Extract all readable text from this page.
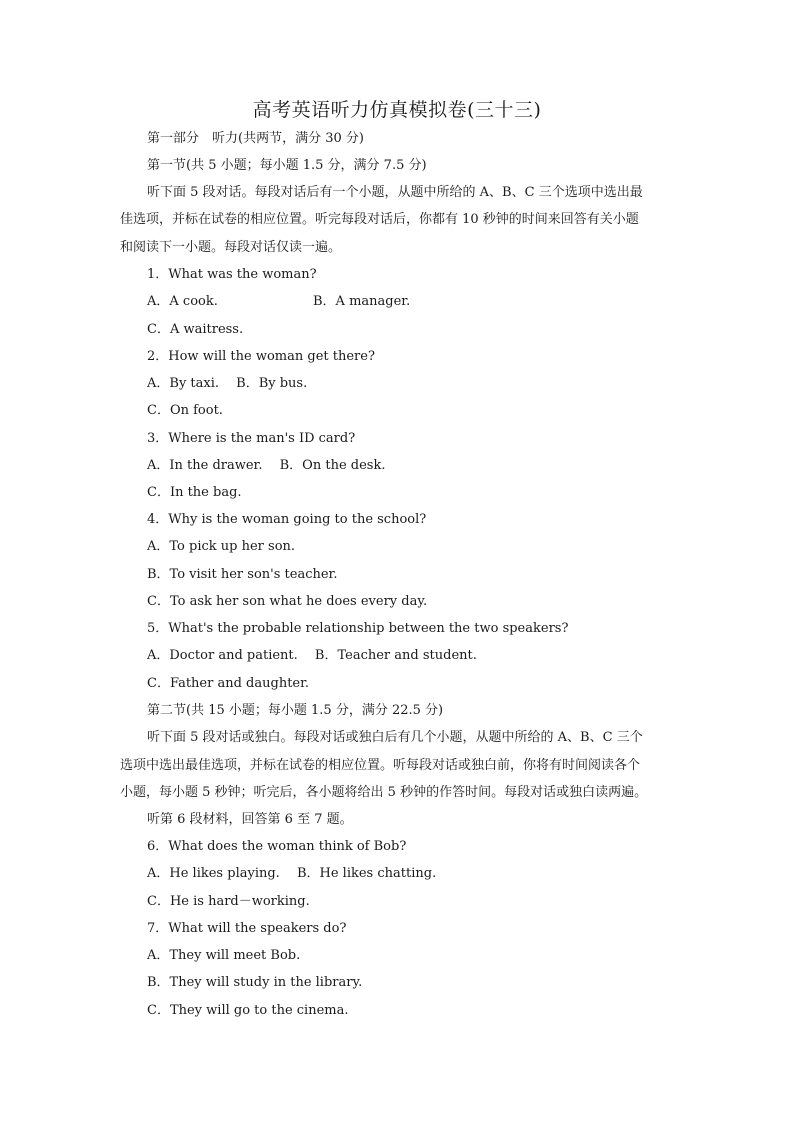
高考英语听力仿真模拟卷(三十三)
第一部分　听力(共两节，满分 30 分)
第一节(共 5 小题；每小题 1.5 分，满分 7.5 分)
听下面 5 段对话。每段对话后有一个小题，从题中所给的 A、B、C 三个选项中选出最
佳选项，并标在试卷的相应位置。听完每段对话后，你都有 10 秒钟的时间来回答有关小题
和阅读下一小题。每段对话仅读一遍。
1．What was the woman?
A．A cook.	B．A manager.
C．A waitress.
2．How will the woman get there?
A．By taxi. B．By bus.
C．On foot.
3．Where is the man's ID card?
A．In the drawer. B．On the desk.
C．In the bag.
4．Why is the woman going to the school?
A．To pick up her son.
B．To visit her son's teacher.
C．To ask her son what he does every day.
5．What's the probable relationship between the two speakers?
A．Doctor and patient. B．Teacher and student.
C．Father and daughter.
第二节(共 15 小题；每小题 1.5 分，满分 22.5 分)
听下面 5 段对话或独白。每段对话或独白后有几个小题，从题中所给的 A、B、C 三个
选项中选出最佳选项，并标在试卷的相应位置。听每段对话或独白前，你将有时间阅读各个
小题，每小题 5 秒钟；听完后，各小题将给出 5 秒钟的作答时间。每段对话或独白读两遍。
听第 6 段材料，回答第 6 至 7 题。
6．What does the woman think of Bob?
A．He likes playing. B．He likes chatting.
C．He is hard－working.
7．What will the speakers do?
A．They will meet Bob.
B．They will study in the library.
C．They will go to the cinema.
